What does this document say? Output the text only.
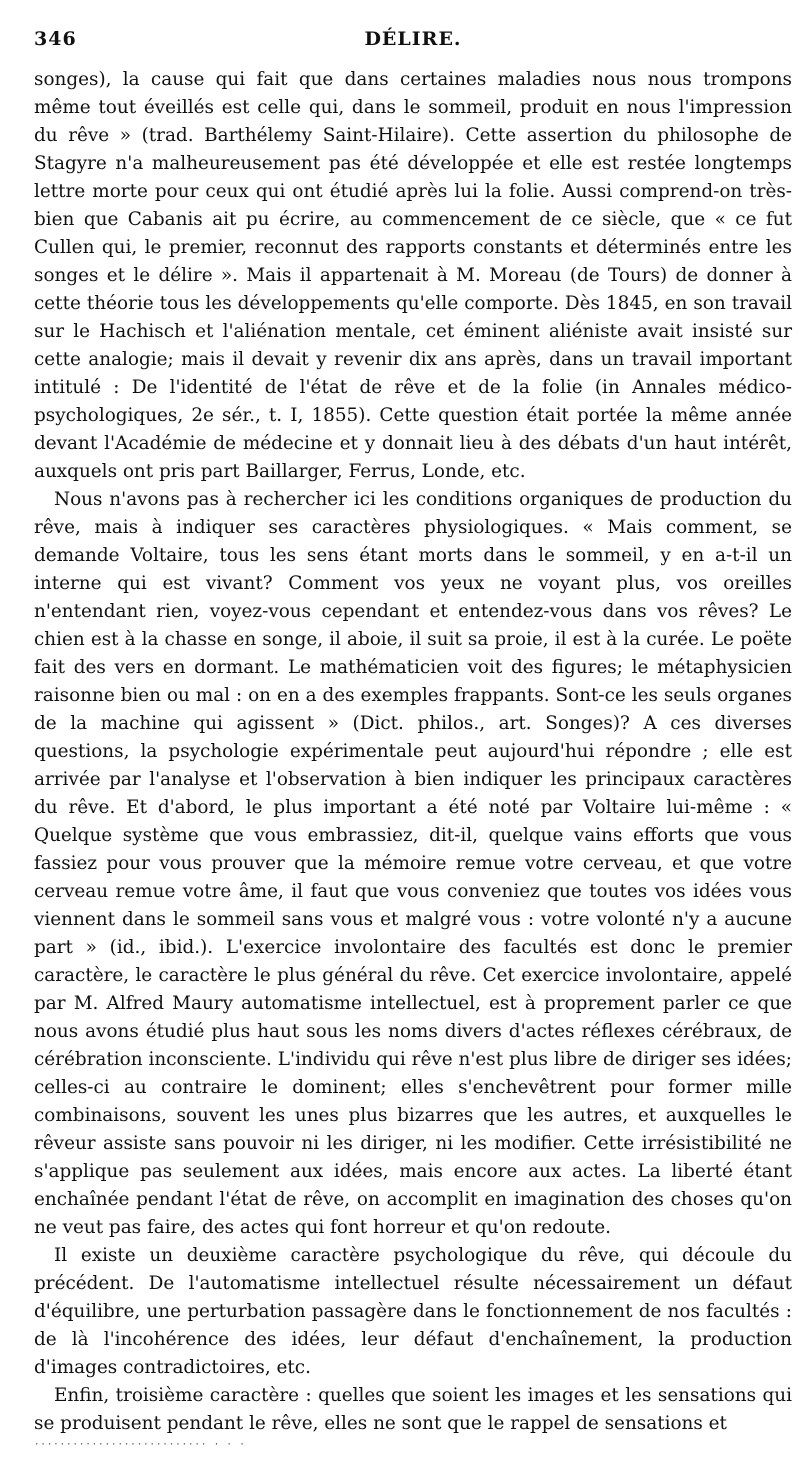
346	DÉLIRE.

songes), la cause qui fait que dans certaines maladies nous nous trompons même tout éveillés est celle qui, dans le sommeil, produit en nous l'impression du rêve » (trad. Barthélemy Saint-Hilaire). Cette assertion du philosophe de Stagyre n'a malheureusement pas été développée et elle est restée longtemps lettre morte pour ceux qui ont étudié après lui la folie. Aussi comprend-on très-bien que Cabanis ait pu écrire, au commencement de ce siècle, que « ce fut Cullen qui, le premier, reconnut des rapports constants et déterminés entre les songes et le délire ». Mais il appartenait à M. Moreau (de Tours) de donner à cette théorie tous les développements qu'elle comporte. Dès 1845, en son travail sur le Hachisch et l'aliénation mentale, cet éminent aliéniste avait insisté sur cette analogie; mais il devait y revenir dix ans après, dans un travail important intitulé : De l'identité de l'état de rêve et de la folie (in Annales médico-psychologiques, 2e sér., t. I, 1855). Cette question était portée la même année devant l'Académie de médecine et y donnait lieu à des débats d'un haut intérêt, auxquels ont pris part Baillarger, Ferrus, Londe, etc.

Nous n'avons pas à rechercher ici les conditions organiques de production du rêve, mais à indiquer ses caractères physiologiques. « Mais comment, se demande Voltaire, tous les sens étant morts dans le sommeil, y en a-t-il un interne qui est vivant? Comment vos yeux ne voyant plus, vos oreilles n'entendant rien, voyez-vous cependant et entendez-vous dans vos rêves? Le chien est à la chasse en songe, il aboie, il suit sa proie, il est à la curée. Le poëte fait des vers en dormant. Le mathématicien voit des figures; le métaphysicien raisonne bien ou mal : on en a des exemples frappants. Sont-ce les seuls organes de la machine qui agissent » (Dict. philos., art. Songes)? A ces diverses questions, la psychologie expérimentale peut aujourd'hui répondre ; elle est arrivée par l'analyse et l'observation à bien indiquer les principaux caractères du rêve. Et d'abord, le plus important a été noté par Voltaire lui-même : « Quelque système que vous embrassiez, dit-il, quelque vains efforts que vous fassiez pour vous prouver que la mémoire remue votre cerveau, et que votre cerveau remue votre âme, il faut que vous conveniez que toutes vos idées vous viennent dans le sommeil sans vous et malgré vous : votre volonté n'y a aucune part » (id., ibid.). L'exercice involontaire des facultés est donc le premier caractère, le caractère le plus général du rêve. Cet exercice involontaire, appelé par M. Alfred Maury automatisme intellectuel, est à proprement parler ce que nous avons étudié plus haut sous les noms divers d'actes réflexes cérébraux, de cérébration inconsciente. L'individu qui rêve n'est plus libre de diriger ses idées; celles-ci au contraire le dominent; elles s'enchevêtrent pour former mille combinaisons, souvent les unes plus bizarres que les autres, et auxquelles le rêveur assiste sans pouvoir ni les diriger, ni les modifier. Cette irrésistibilité ne s'applique pas seulement aux idées, mais encore aux actes. La liberté étant enchaînée pendant l'état de rêve, on accomplit en imagination des choses qu'on ne veut pas faire, des actes qui font horreur et qu'on redoute.

Il existe un deuxième caractère psychologique du rêve, qui découle du précédent. De l'automatisme intellectuel résulte nécessairement un défaut d'équilibre, une perturbation passagère dans le fonctionnement de nos facultés : de là l'incohérence des idées, leur défaut d'enchaînement, la production d'images contradictoires, etc.

Enfin, troisième caractère : quelles que soient les images et les sensations qui se produisent pendant le rêve, elles ne sont que le rappel de sensations et

··························· · · ·
